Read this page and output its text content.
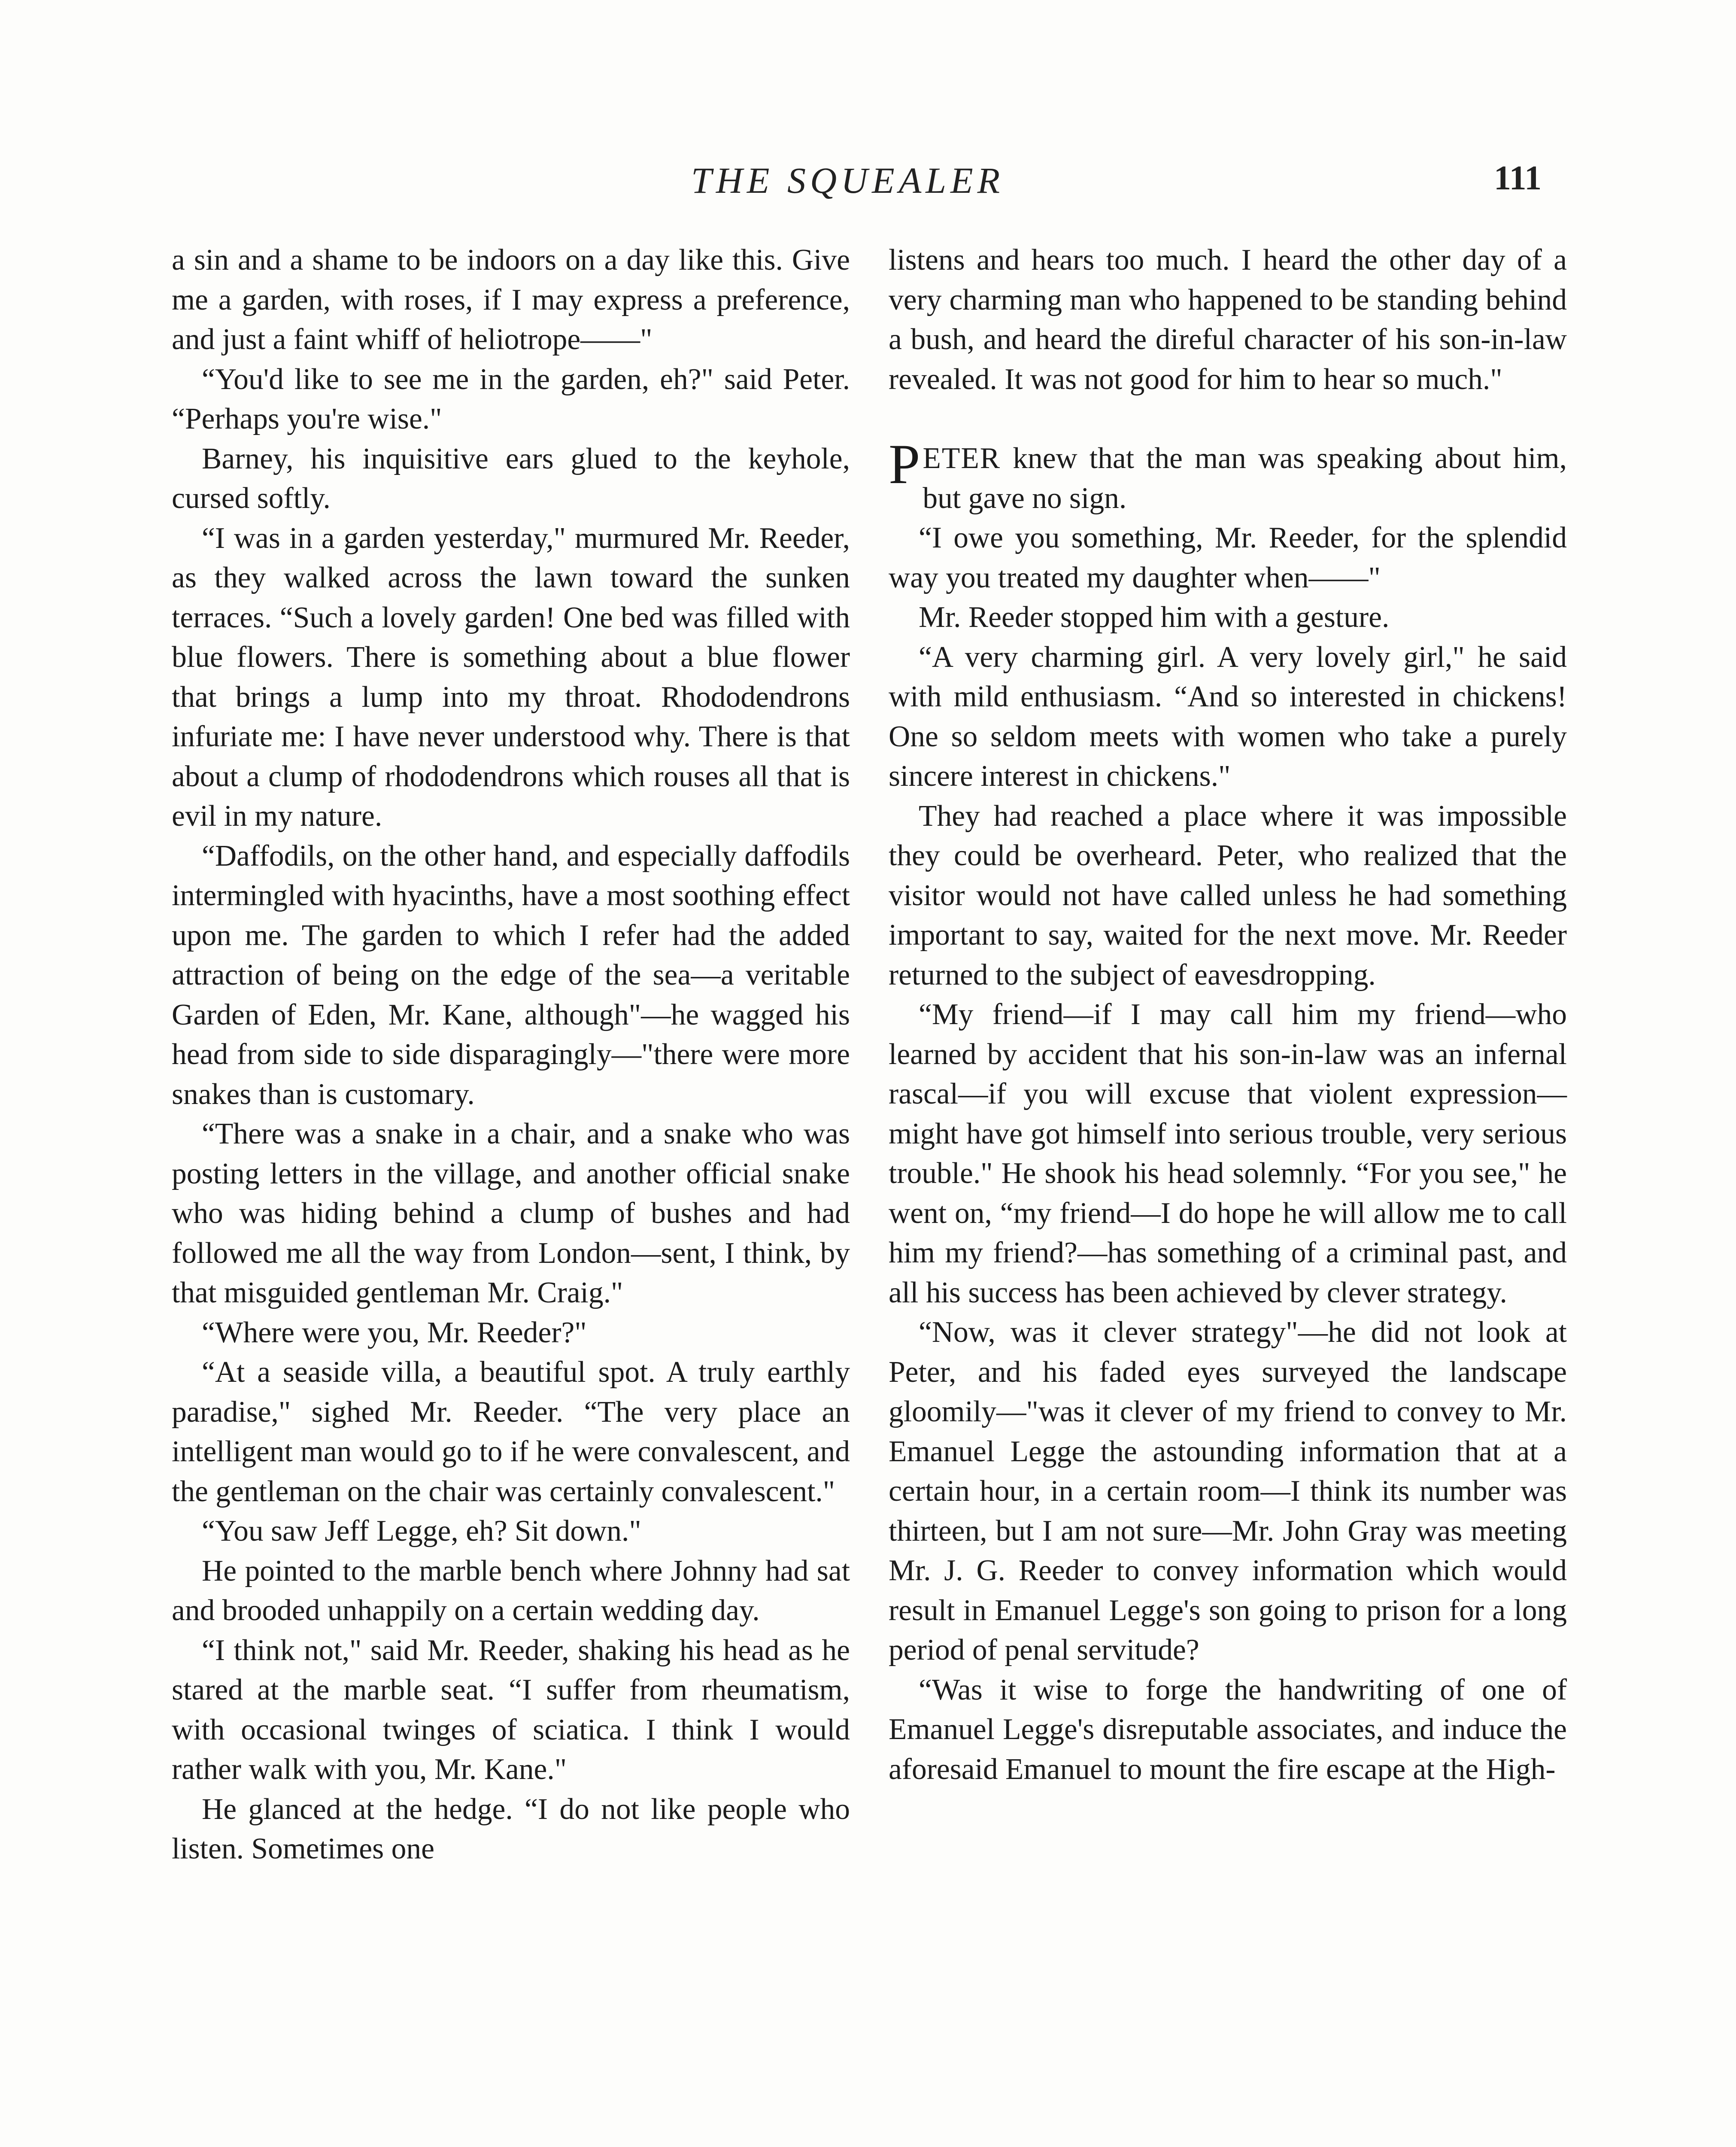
THE SQUEALER	111

a sin and a shame to be indoors on a day like this. Give me a garden, with roses, if I may express a preference, and just a faint whiff of heliotrope——"

“You'd like to see me in the garden, eh?" said Peter. “Perhaps you're wise."

Barney, his inquisitive ears glued to the keyhole, cursed softly.

“I was in a garden yesterday," murmured Mr. Reeder, as they walked across the lawn toward the sunken terraces. “Such a lovely garden! One bed was filled with blue flowers. There is something about a blue flower that brings a lump into my throat. Rhododendrons infuriate me: I have never understood why. There is that about a clump of rhododendrons which rouses all that is evil in my nature.

“Daffodils, on the other hand, and especially daffodils intermingled with hyacinths, have a most soothing effect upon me. The garden to which I refer had the added attraction of being on the edge of the sea—a veritable Garden of Eden, Mr. Kane, although"—he wagged his head from side to side disparagingly—"there were more snakes than is customary.

“There was a snake in a chair, and a snake who was posting letters in the village, and another official snake who was hiding behind a clump of bushes and had followed me all the way from London—sent, I think, by that misguided gentleman Mr. Craig."

“Where were you, Mr. Reeder?"

“At a seaside villa, a beautiful spot. A truly earthly paradise," sighed Mr. Reeder. “The very place an intelligent man would go to if he were convalescent, and the gentleman on the chair was certainly convalescent."

“You saw Jeff Legge, eh? Sit down."

He pointed to the marble bench where Johnny had sat and brooded unhappily on a certain wedding day.

“I think not," said Mr. Reeder, shaking his head as he stared at the marble seat. “I suffer from rheumatism, with occasional twinges of sciatica. I think I would rather walk with you, Mr. Kane."

He glanced at the hedge. “I do not like people who listen. Sometimes one

listens and hears too much. I heard the other day of a very charming man who happened to be standing behind a bush, and heard the direful character of his son-in-law revealed. It was not good for him to hear so much."

PETER knew that the man was speaking about him, but gave no sign.

“I owe you something, Mr. Reeder, for the splendid way you treated my daughter when——"

Mr. Reeder stopped him with a gesture.

“A very charming girl. A very lovely girl," he said with mild enthusiasm. “And so interested in chickens! One so seldom meets with women who take a purely sincere interest in chickens."

They had reached a place where it was impossible they could be overheard. Peter, who realized that the visitor would not have called unless he had something important to say, waited for the next move. Mr. Reeder returned to the subject of eavesdropping.

“My friend—if I may call him my friend—who learned by accident that his son-in-law was an infernal rascal—if you will excuse that violent expression—might have got himself into serious trouble, very serious trouble." He shook his head solemnly. “For you see," he went on, “my friend—I do hope he will allow me to call him my friend?—has something of a criminal past, and all his success has been achieved by clever strategy.

“Now, was it clever strategy"—he did not look at Peter, and his faded eyes surveyed the landscape gloomily—"was it clever of my friend to convey to Mr. Emanuel Legge the astounding information that at a certain hour, in a certain room—I think its number was thirteen, but I am not sure—Mr. John Gray was meeting Mr. J. G. Reeder to convey information which would result in Emanuel Legge's son going to prison for a long period of penal servitude?

“Was it wise to forge the handwriting of one of Emanuel Legge's disreputable associates, and induce the aforesaid Emanuel to mount the fire escape at the High-
